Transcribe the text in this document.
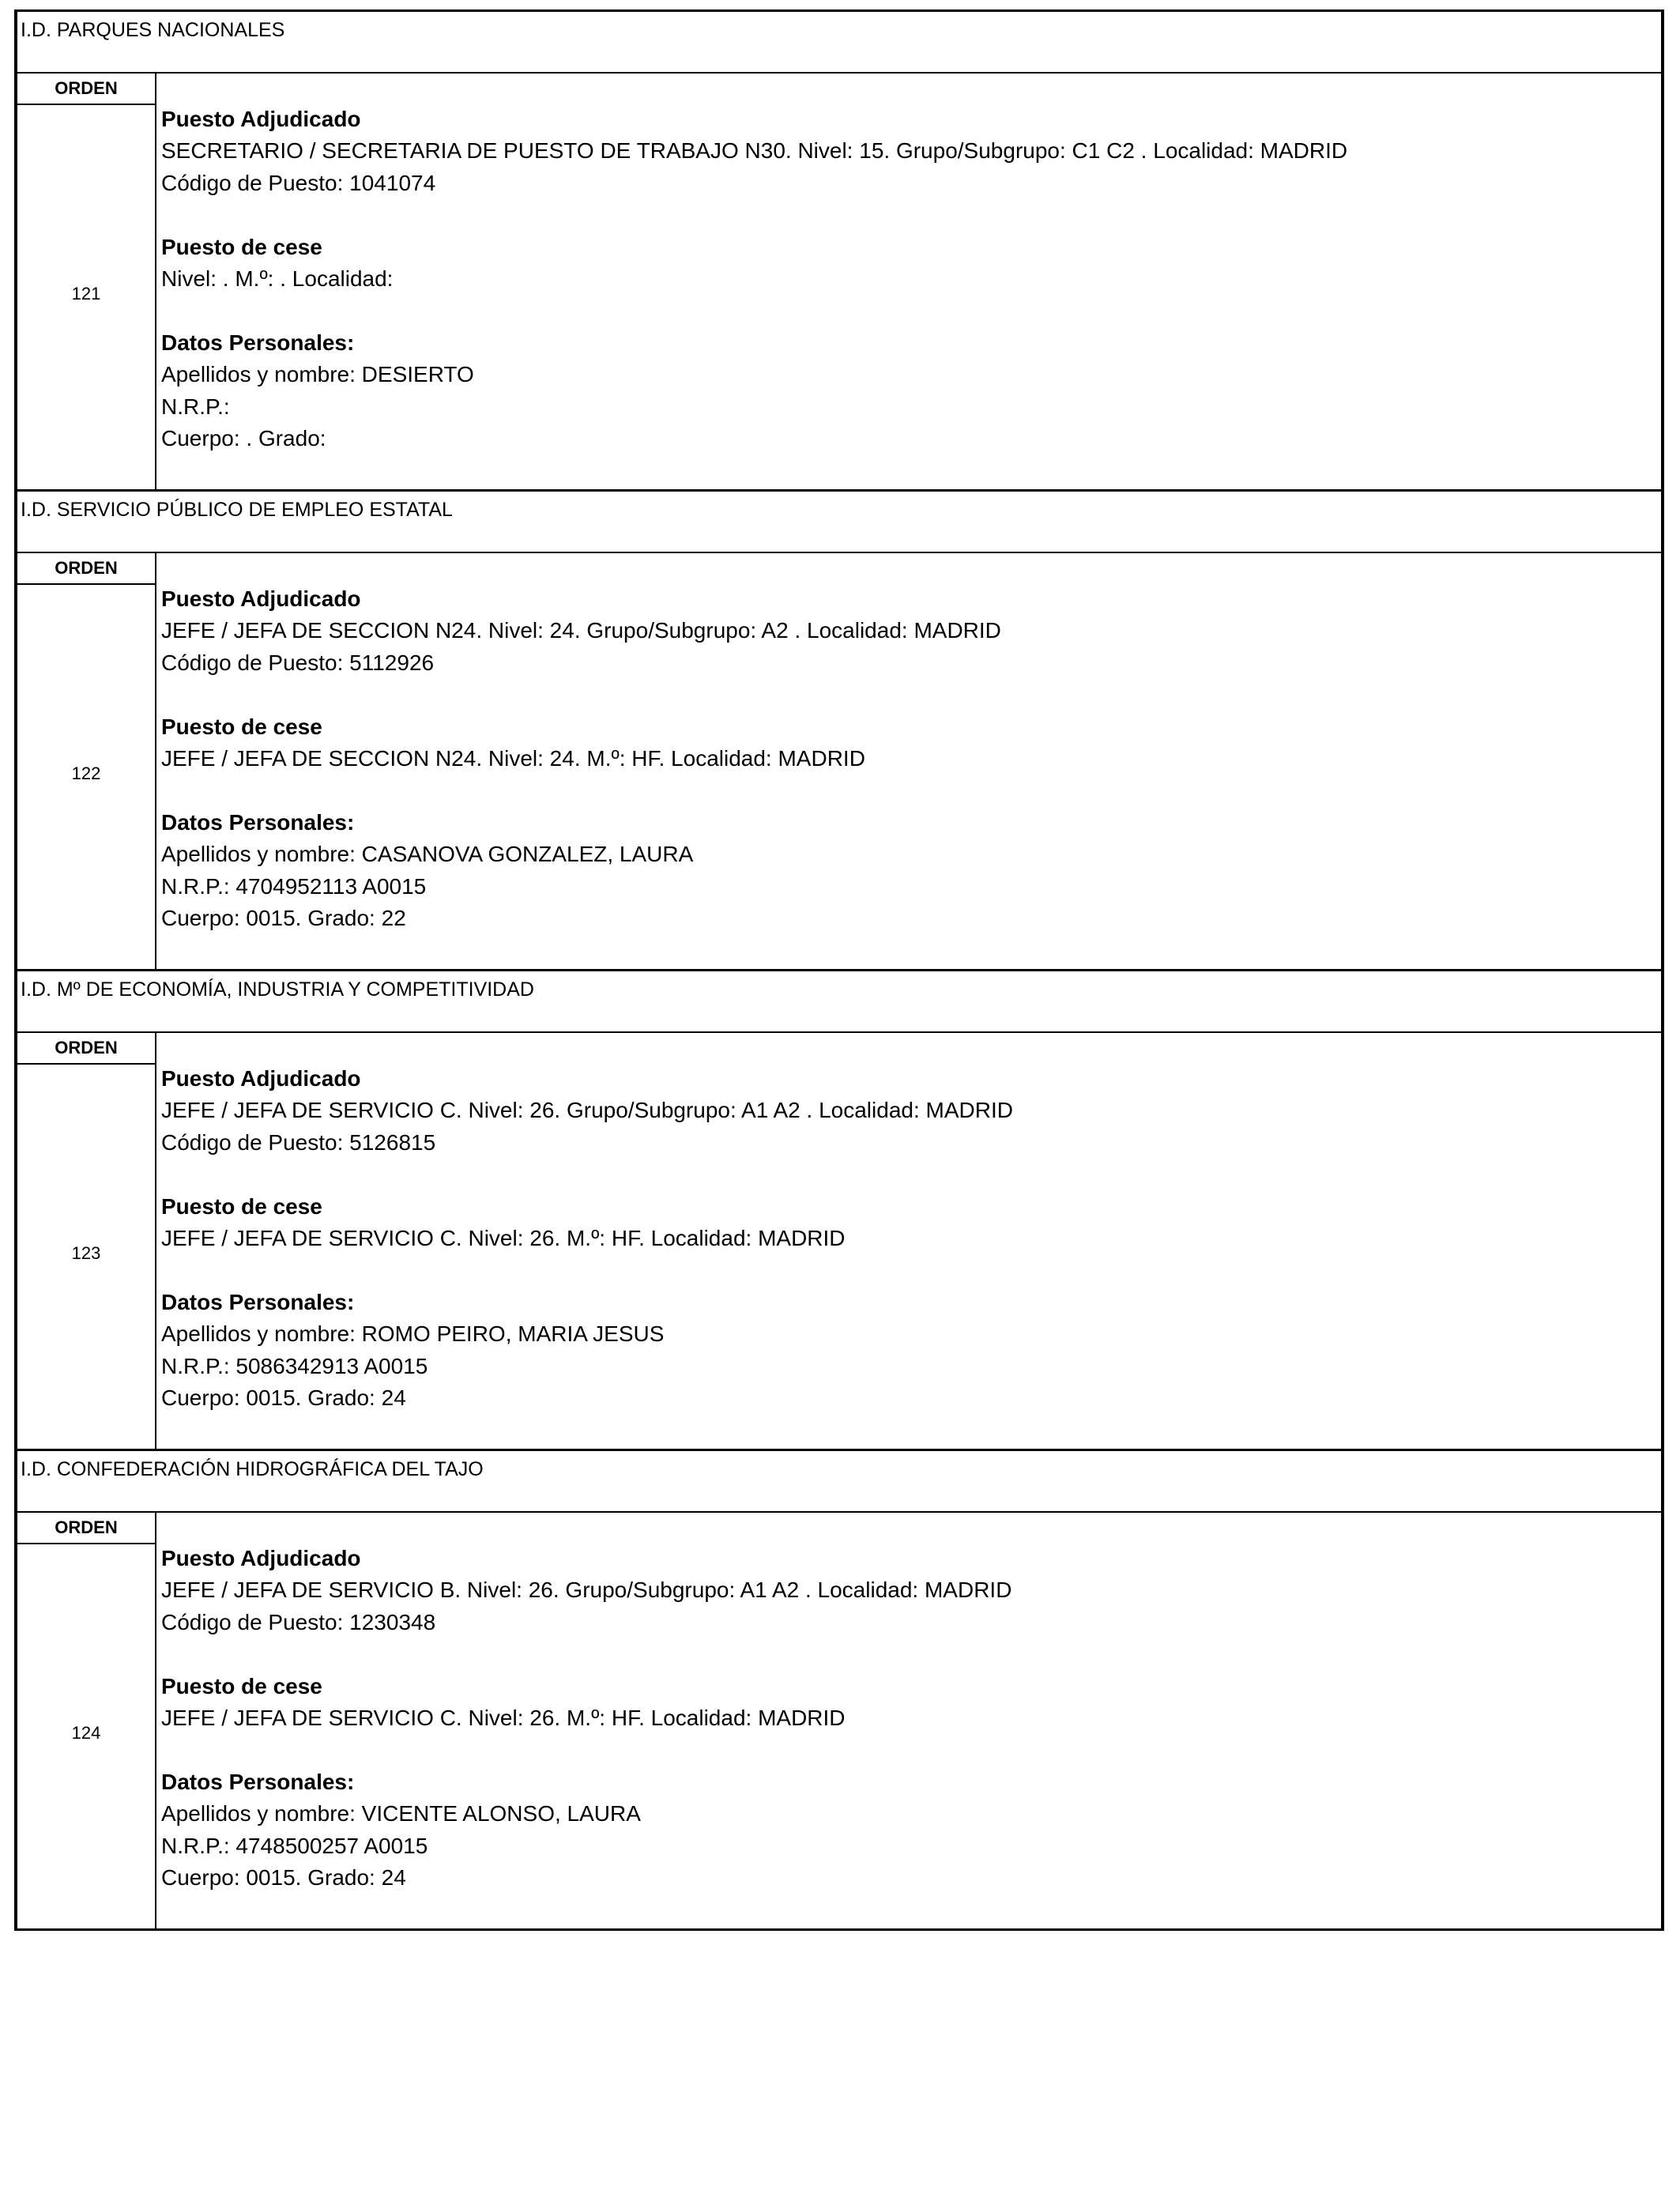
I.D. PARQUES NACIONALES
ORDEN
121
Puesto Adjudicado
SECRETARIO / SECRETARIA DE PUESTO DE TRABAJO N30. Nivel: 15. Grupo/Subgrupo: C1 C2 . Localidad: MADRID
Código de Puesto: 1041074
Puesto de cese
Nivel: . M.º: . Localidad:
Datos Personales:
Apellidos y nombre: DESIERTO
N.R.P.:
Cuerpo: . Grado:
I.D. SERVICIO PÚBLICO DE EMPLEO ESTATAL
ORDEN
122
Puesto Adjudicado
JEFE / JEFA DE SECCION N24. Nivel: 24. Grupo/Subgrupo: A2 . Localidad: MADRID
Código de Puesto: 5112926
Puesto de cese
JEFE / JEFA DE SECCION N24. Nivel: 24. M.º: HF. Localidad: MADRID
Datos Personales:
Apellidos y nombre: CASANOVA GONZALEZ, LAURA
N.R.P.: 4704952113 A0015
Cuerpo: 0015. Grado: 22
I.D. Mº DE ECONOMÍA, INDUSTRIA Y COMPETITIVIDAD
ORDEN
123
Puesto Adjudicado
JEFE / JEFA DE SERVICIO C. Nivel: 26. Grupo/Subgrupo: A1 A2 . Localidad: MADRID
Código de Puesto: 5126815
Puesto de cese
JEFE / JEFA DE SERVICIO C. Nivel: 26. M.º: HF. Localidad: MADRID
Datos Personales:
Apellidos y nombre: ROMO PEIRO, MARIA JESUS
N.R.P.: 5086342913 A0015
Cuerpo: 0015. Grado: 24
I.D. CONFEDERACIÓN HIDROGRÁFICA DEL TAJO
ORDEN
124
Puesto Adjudicado
JEFE / JEFA DE SERVICIO B. Nivel: 26. Grupo/Subgrupo: A1 A2 . Localidad: MADRID
Código de Puesto: 1230348
Puesto de cese
JEFE / JEFA DE SERVICIO C. Nivel: 26. M.º: HF. Localidad: MADRID
Datos Personales:
Apellidos y nombre: VICENTE ALONSO, LAURA
N.R.P.: 4748500257 A0015
Cuerpo: 0015. Grado: 24
